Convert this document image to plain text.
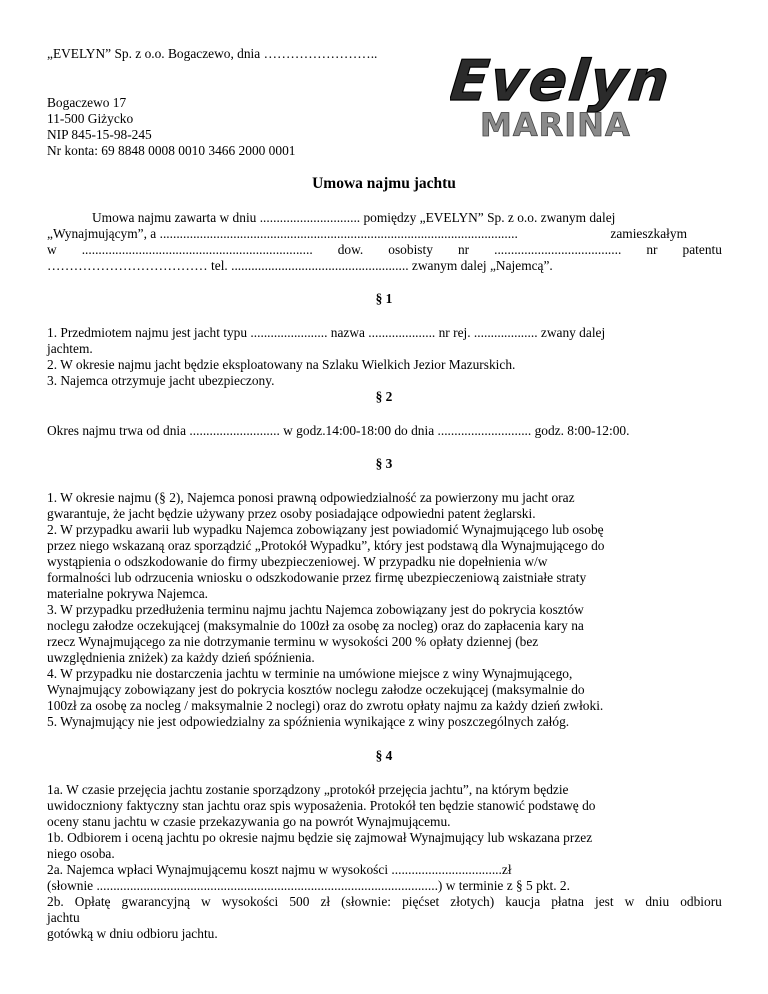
„EVELYN” Sp. z o.o. Bogaczewo, dnia ……………………..
Bogaczewo 17
11-500 Giżycko
NIP 845-15-98-245
Nr konta: 69 8848 0008 0010 3466 2000 0001
Evelyn
MARINA
Umowa najmu jachtu
Umowa najmu zawarta w dniu .............................. pomiędzy „EVELYN” Sp. z o.o. zwanym dalej
„Wynajmującym”, a ...........................................................................................................	zamieszkałym
w ..................................................................... dow. osobisty nr ...................................... nr patentu
……………………………… tel. ..................................................... zwanym dalej „Najemcą”.
§ 1
1. Przedmiotem najmu jest jacht typu ....................... nazwa .................... nr rej. ................... zwany dalej
jachtem.
2. W okresie najmu jacht będzie eksploatowany na Szlaku Wielkich Jezior Mazurskich.
3. Najemca otrzymuje jacht ubezpieczony.
§ 2
Okres najmu trwa od dnia ........................... w godz.14:00-18:00 do dnia ............................ godz. 8:00-12:00.
§ 3
1. W okresie najmu (§ 2), Najemca ponosi prawną odpowiedzialność za powierzony mu jacht oraz
gwarantuje, że jacht będzie używany przez osoby posiadające odpowiedni patent żeglarski.
2. W przypadku awarii lub wypadku Najemca zobowiązany jest powiadomić Wynajmującego lub osobę
przez niego wskazaną oraz sporządzić „Protokół Wypadku”, który jest podstawą dla Wynajmującego do
wystąpienia o odszkodowanie do firmy ubezpieczeniowej. W przypadku nie dopełnienia w/w
formalności lub odrzucenia wniosku o odszkodowanie przez firmę ubezpieczeniową zaistniałe straty
materialne pokrywa Najemca.
3. W przypadku przedłużenia terminu najmu jachtu Najemca zobowiązany jest do pokrycia kosztów
noclegu załodze oczekującej (maksymalnie do 100zł za osobę za nocleg) oraz do zapłacenia kary na
rzecz Wynajmującego za nie dotrzymanie terminu w wysokości 200 % opłaty dziennej (bez
uwzględnienia zniżek) za każdy dzień spóźnienia.
4. W przypadku nie dostarczenia jachtu w terminie na umówione miejsce z winy Wynajmującego,
Wynajmujący zobowiązany jest do pokrycia kosztów noclegu załodze oczekującej (maksymalnie do
100zł za osobę za nocleg / maksymalnie 2 noclegi) oraz do zwrotu opłaty najmu za każdy dzień zwłoki.
5. Wynajmujący nie jest odpowiedzialny za spóźnienia wynikające z winy poszczególnych załóg.
§ 4
1a. W czasie przejęcia jachtu zostanie sporządzony „protokół przejęcia jachtu”, na którym będzie
uwidoczniony faktyczny stan jachtu oraz spis wyposażenia. Protokół ten będzie stanowić podstawę do
oceny stanu jachtu w czasie przekazywania go na powrót Wynajmującemu.
1b. Odbiorem i oceną jachtu po okresie najmu będzie się zajmował Wynajmujący lub wskazana przez
niego osoba.
2a. Najemca wpłaci Wynajmującemu koszt najmu w wysokości .................................zł
(słownie ......................................................................................................) w terminie z § 5 pkt. 2.
2b. Opłatę gwarancyjną w wysokości 500 zł (słownie: pięćset złotych) kaucja płatna jest w dniu odbioru
jachtu
gotówką w dniu odbioru jachtu.
